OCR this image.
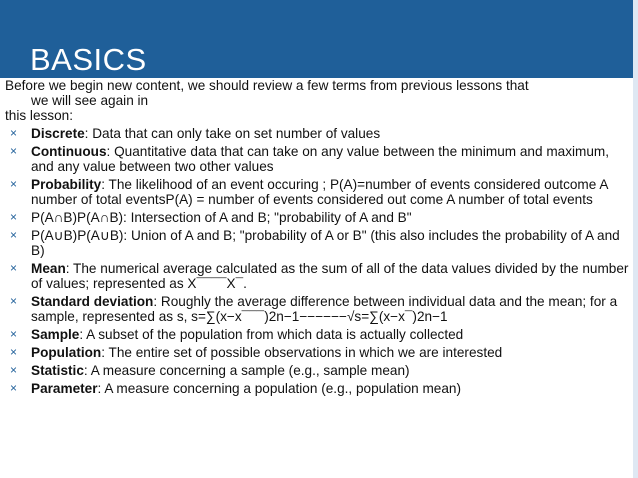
BASICS

Before we begin new content, we should review a few terms from previous lessons that

we will see again in

this lesson:

× Discrete: Data that can only take on set number of values
× Continuous: Quantitative data that can take on any value between the minimum and maximum, and any value between two other values
× Probability: The likelihood of an event occuring ; P(A)=number of events considered outcome A number of total eventsP(A) = number of events considered out come A number of total events
× P(A∩B)P(A∩B): Intersection of A and B; "probability of A and B"
× P(A∪B)P(A∪B): Union of A and B; "probability of A or B" (this also includes the probability of A and B)
× Mean: The numerical average calculated as the sum of all of the data values divided by the number of values; represented as X¯¯¯¯X¯.
× Standard deviation: Roughly the average difference between individual data and the mean; for a sample, represented as s, s=∑(x−x¯¯¯)2n−1−−−−−−√s=∑(x−x¯)2n−1
× Sample: A subset of the population from which data is actually collected
× Population: The entire set of possible observations in which we are interested
× Statistic: A measure concerning a sample (e.g., sample mean)
× Parameter: A measure concerning a population (e.g., population mean)
